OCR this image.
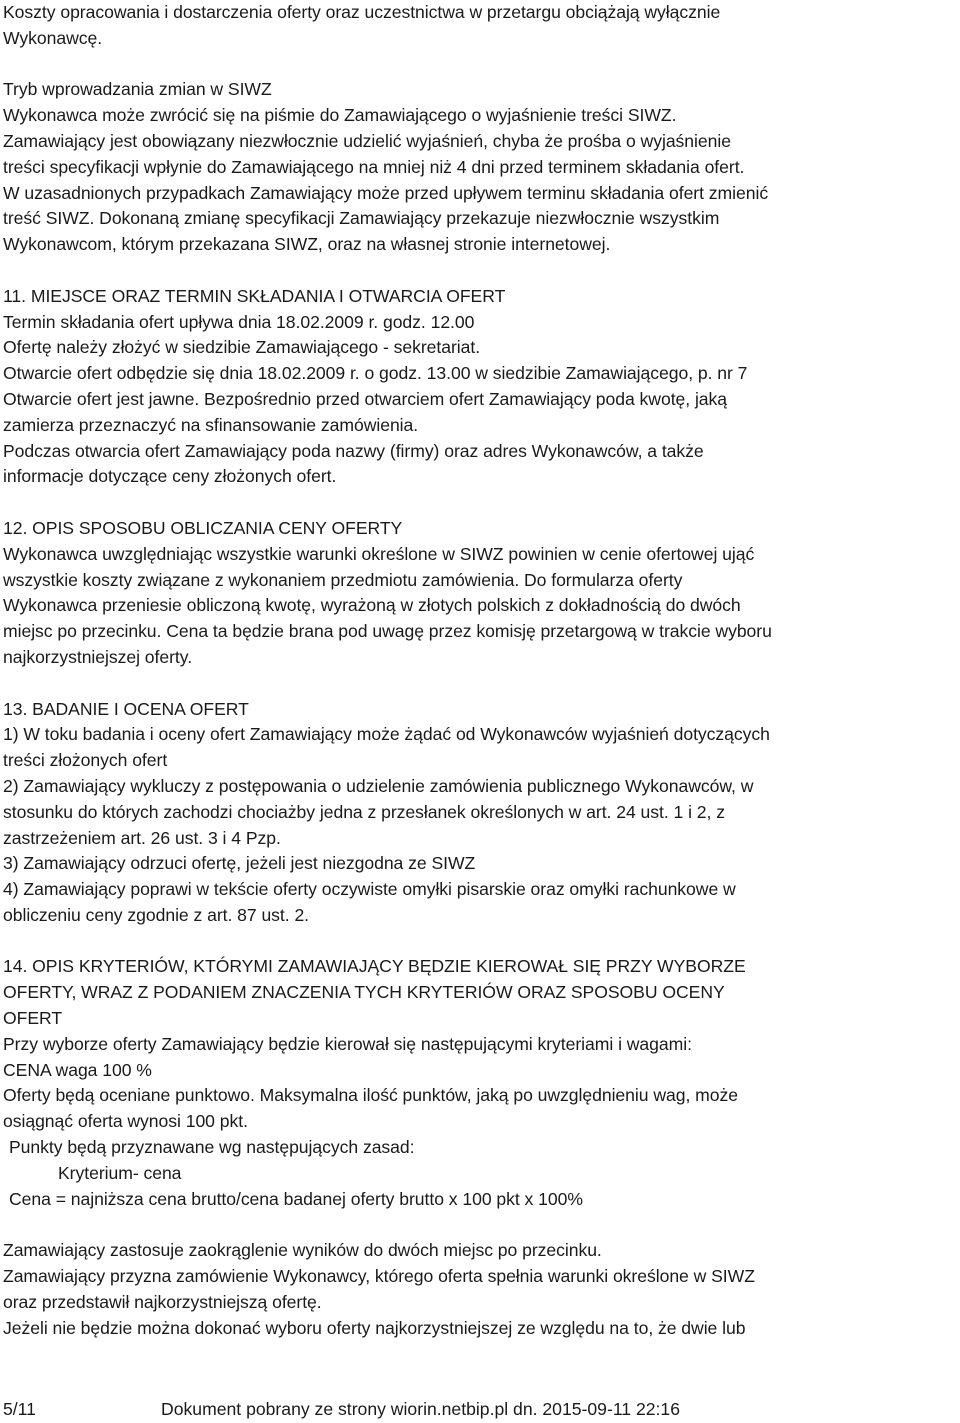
Koszty opracowania i dostarczenia oferty oraz uczestnictwa w przetargu obciążają wyłącznie
Wykonawcę.
Tryb wprowadzania zmian w SIWZ
Wykonawca może zwrócić się na piśmie do Zamawiającego o wyjaśnienie treści SIWZ.
Zamawiający jest obowiązany niezwłocznie udzielić wyjaśnień, chyba że prośba o wyjaśnienie
treści specyfikacji wpłynie do Zamawiającego na mniej niż 4 dni przed terminem składania ofert.
W uzasadnionych przypadkach Zamawiający może przed upływem terminu składania ofert zmienić
treść SIWZ. Dokonaną zmianę specyfikacji Zamawiający przekazuje niezwłocznie wszystkim
Wykonawcom, którym przekazana SIWZ, oraz na własnej stronie internetowej.
11. MIEJSCE ORAZ TERMIN SKŁADANIA I OTWARCIA OFERT
Termin składania ofert upływa dnia 18.02.2009 r. godz. 12.00
Ofertę należy złożyć w siedzibie Zamawiającego - sekretariat.
Otwarcie ofert odbędzie się dnia 18.02.2009 r. o godz. 13.00 w siedzibie Zamawiającego, p. nr 7
Otwarcie ofert jest jawne. Bezpośrednio przed otwarciem ofert Zamawiający poda kwotę, jaką
zamierza przeznaczyć na sfinansowanie zamówienia.
Podczas otwarcia ofert Zamawiający poda nazwy (firmy) oraz adres Wykonawców, a także
informacje dotyczące ceny złożonych ofert.
12. OPIS SPOSOBU OBLICZANIA CENY OFERTY
Wykonawca uwzględniając wszystkie warunki określone w SIWZ powinien w cenie ofertowej ująć
wszystkie koszty związane z wykonaniem przedmiotu zamówienia. Do formularza oferty
Wykonawca przeniesie obliczoną kwotę, wyrażoną w złotych polskich z dokładnością do dwóch
miejsc po przecinku. Cena ta będzie brana pod uwagę przez komisję przetargową w trakcie wyboru
najkorzystniejszej oferty.
13. BADANIE I OCENA OFERT
1) W toku badania i oceny ofert Zamawiający może żądać od Wykonawców wyjaśnień dotyczących
treści złożonych ofert
2) Zamawiający wykluczy z postępowania o udzielenie zamówienia publicznego Wykonawców, w
stosunku do których zachodzi chociażby jedna z przesłanek określonych w art. 24 ust. 1 i 2, z
zastrzeżeniem art. 26 ust. 3 i 4 Pzp.
3) Zamawiający odrzuci ofertę, jeżeli jest niezgodna ze SIWZ
4) Zamawiający poprawi w tekście oferty oczywiste omyłki pisarskie oraz omyłki rachunkowe w
obliczeniu ceny zgodnie z art. 87 ust. 2.
14. OPIS KRYTERIÓW, KTÓRYMI ZAMAWIAJĄCY BĘDZIE KIEROWAŁ SIĘ PRZY WYBORZE
OFERTY, WRAZ Z PODANIEM ZNACZENIA TYCH KRYTERIÓW ORAZ SPOSOBU OCENY
OFERT
Przy wyborze oferty Zamawiający będzie kierował się następującymi kryteriami i wagami:
CENA waga 100 %
Oferty będą oceniane punktowo. Maksymalna ilość punktów, jaką po uwzględnieniu wag, może
osiągnąć oferta wynosi 100 pkt.
Punkty będą przyznawane wg następujących zasad:
Kryterium- cena
Cena = najniższa cena brutto/cena badanej oferty brutto x 100 pkt x 100%
Zamawiający zastosuje zaokrąglenie wyników do dwóch miejsc po przecinku.
Zamawiający przyzna zamówienie Wykonawcy, którego oferta spełnia warunki określone w SIWZ
oraz przedstawił najkorzystniejszą ofertę.
Jeżeli nie będzie można dokonać wyboru oferty najkorzystniejszej ze względu na to, że dwie lub
5/11	Dokument pobrany ze strony wiorin.netbip.pl dn. 2015-09-11 22:16
